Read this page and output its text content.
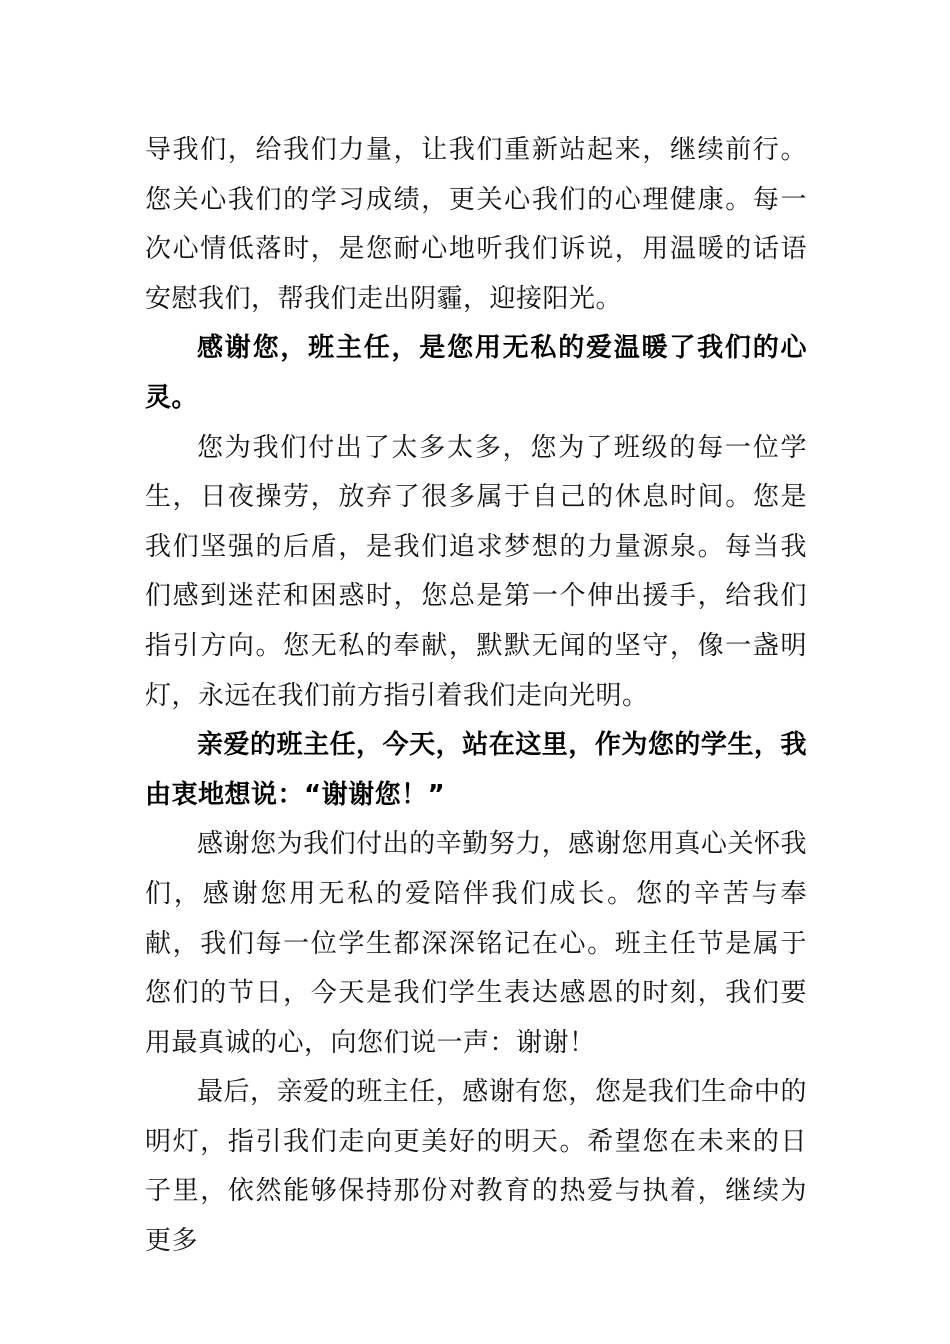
导我们，给我们力量，让我们重新站起来，继续前行。您关心我们的学习成绩，更关心我们的心理健康。每一次心情低落时，是您耐心地听我们诉说，用温暖的话语安慰我们，帮我们走出阴霾，迎接阳光。

感谢您，班主任，是您用无私的爱温暖了我们的心灵。

您为我们付出了太多太多，您为了班级的每一位学生，日夜操劳，放弃了很多属于自己的休息时间。您是我们坚强的后盾，是我们追求梦想的力量源泉。每当我们感到迷茫和困惑时，您总是第一个伸出援手，给我们指引方向。您无私的奉献，默默无闻的坚守，像一盏明灯，永远在我们前方指引着我们走向光明。

亲爱的班主任，今天，站在这里，作为您的学生，我由衷地想说：“谢谢您！”

感谢您为我们付出的辛勤努力，感谢您用真心关怀我们，感谢您用无私的爱陪伴我们成长。您的辛苦与奉献，我们每一位学生都深深铭记在心。班主任节是属于您们的节日，今天是我们学生表达感恩的时刻，我们要用最真诚的心，向您们说一声：谢谢！

最后，亲爱的班主任，感谢有您，您是我们生命中的明灯，指引我们走向更美好的明天。希望您在未来的日子里，依然能够保持那份对教育的热爱与执着，继续为更多
